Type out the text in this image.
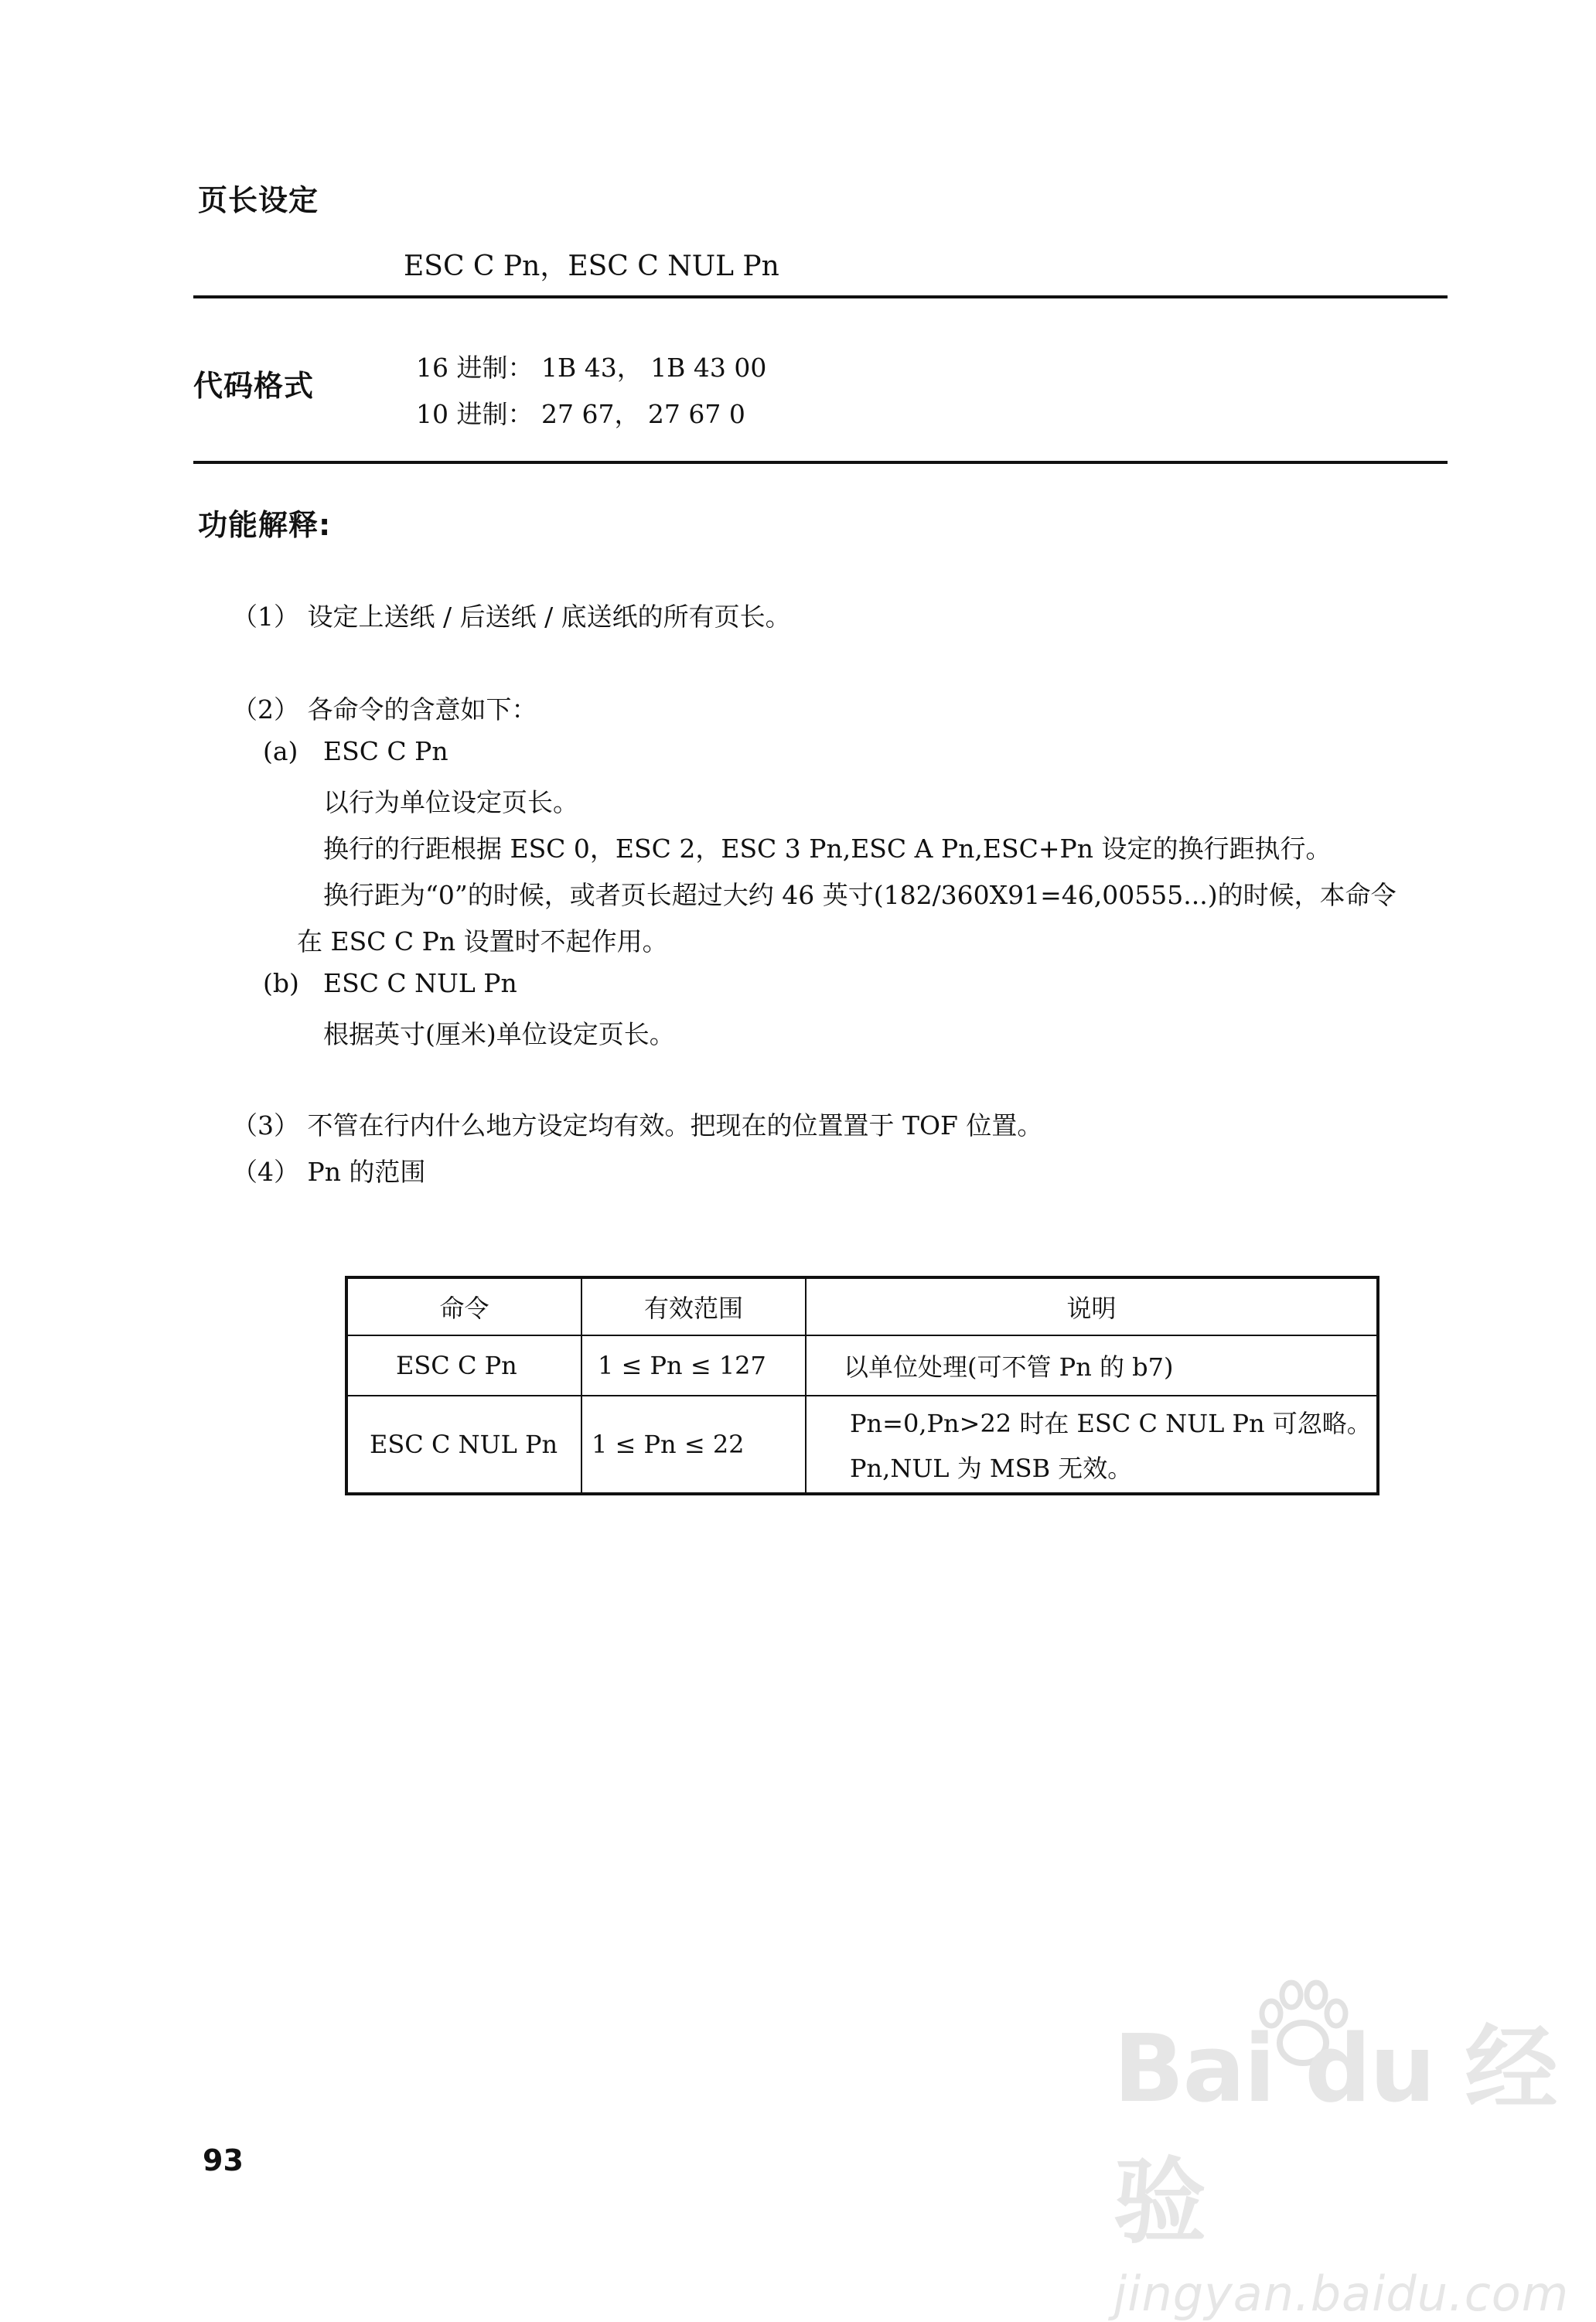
页长设定
ESC C Pn，ESC C NUL Pn
代码格式
16 进制： 1B 43， 1B 43 00
10 进制： 27 67， 27 67 0
功能解释:
（1） 设定上送纸 / 后送纸 / 底送纸的所有页长。
（2） 各命令的含意如下：
(a) ESC C Pn
以行为单位设定页长。
换行的行距根据 ESC 0，ESC 2，ESC 3 Pn,ESC A Pn,ESC+Pn 设定的换行距执行。
换行距为“0”的时候，或者页长超过大约 46 英寸(182/360X91=46,00555...)的时候，本命令
在 ESC C Pn 设置时不起作用。
(b) ESC C NUL Pn
根据英寸(厘米)单位设定页长。
（3） 不管在行内什么地方设定均有效。把现在的位置置于 TOF 位置。
（4） Pn 的范围
命令	有效范围	说明
ESC C Pn	1 ≤ Pn ≤ 127	以单位处理(可不管 Pn 的 b7)
ESC C NUL Pn	1 ≤ Pn ≤ 22	Pn=0,Pn>22 时在 ESC C NUL Pn 可忽略。
Pn,NUL 为 MSB 无效。
Bai du 经验
jingyan.baidu.com
93
